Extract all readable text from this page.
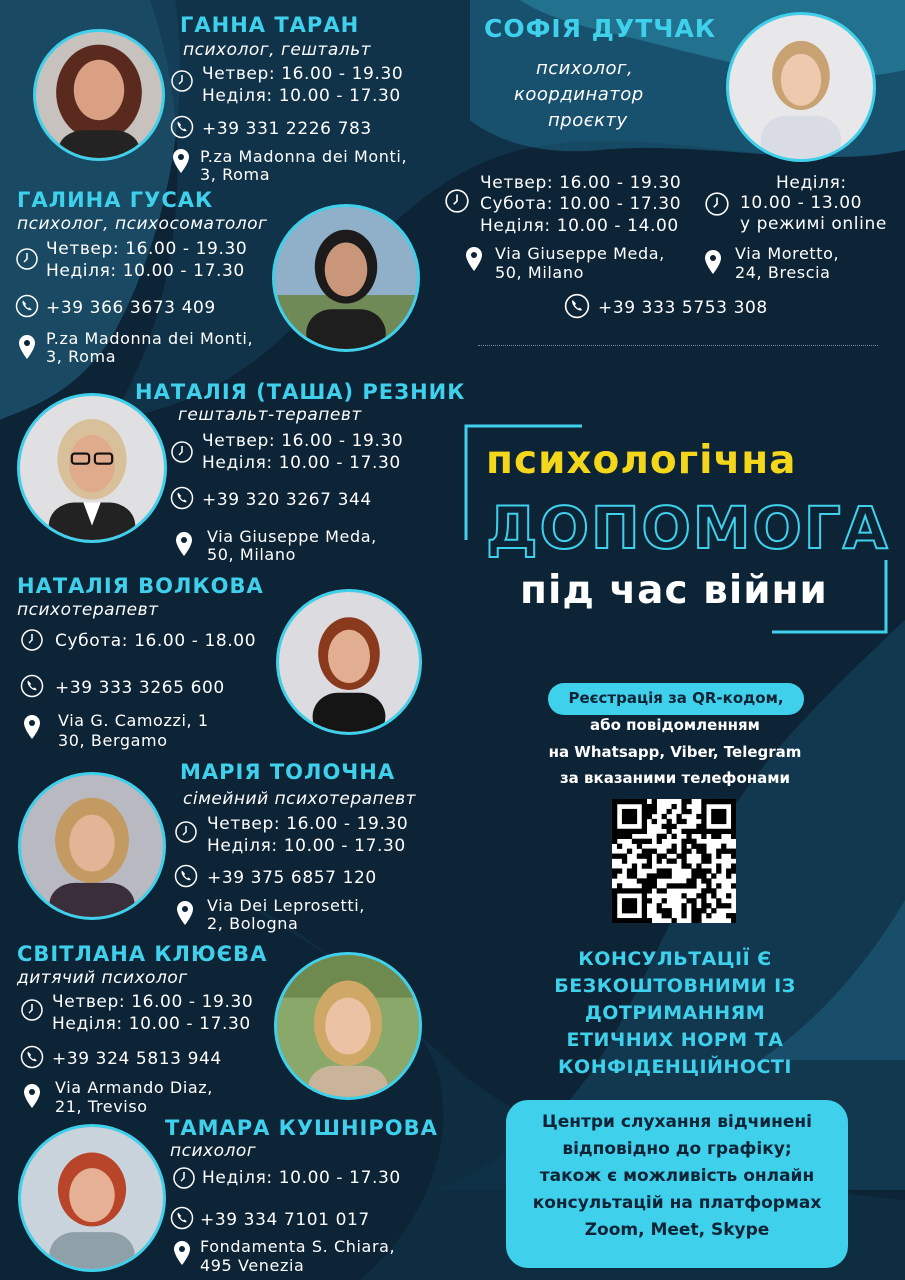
ГАННА ТАРАН
психолог, гештальт
Четвер: 16.00 - 19.30
Неділя: 10.00 - 17.30
+39 331 2226 783
P.za Madonna dei Monti,
3, Roma
ГАЛИНА ГУСАК
психолог, психосоматолог
Четвер: 16.00 - 19.30
Неділя: 10.00 - 17.30
+39 366 3673 409
P.za Madonna dei Monti,
3, Roma
НАТАЛІЯ (ТАША) РЕЗНИК
гештальт-терапевт
Четвер: 16.00 - 19.30
Неділя: 10.00 - 17.30
+39 320 3267 344
Via Giuseppe Meda,
50, Milano
НАТАЛІЯ ВОЛКОВА
психотерапевт
Субота: 16.00 - 18.00
+39 333 3265 600
Via G. Camozzi, 1
30, Bergamo
МАРІЯ ТОЛОЧНА
сімейний психотерапевт
Четвер: 16.00 - 19.30
Неділя: 10.00 - 17.30
+39 375 6857 120
Via Dei Leprosetti,
2, Bologna
СВІТЛАНА КЛЮЄВА
дитячий психолог
Четвер: 16.00 - 19.30
Неділя: 10.00 - 17.30
+39 324 5813 944
Via Armando Diaz,
21, Treviso
ТАМАРА КУШНІРОВА
психолог
Неділя: 10.00 - 17.30
+39 334 7101 017
Fondamenta S. Chiara,
495 Venezia
СОФІЯ ДУТЧАК
психолог,
координатор
проєкту
Четвер: 16.00 - 19.30
Субота: 10.00 - 17.30
Неділя: 10.00 - 14.00
Неділя:
10.00 - 13.00
у режимі online
Via Giuseppe Meda,
50, Milano
Via Moretto,
24, Brescia
+39 333 5753 308
психологічна
ДОПОМОГА
під час війни
Реєстрація за QR-кодом,
або повідомленням
на Whatsapp, Viber, Telegram
за вказаними телефонами
КОНСУЛЬТАЦІЇ Є
БЕЗКОШТОВНИМИ ІЗ
ДОТРИМАННЯМ
ЕТИЧНИХ НОРМ ТА
КОНФІДЕНЦІЙНОСТІ
Центри слухання відчинені
відповідно до графіку;
також є можливість онлайн
консультацій на платформах
Zoom, Meet, Skype
